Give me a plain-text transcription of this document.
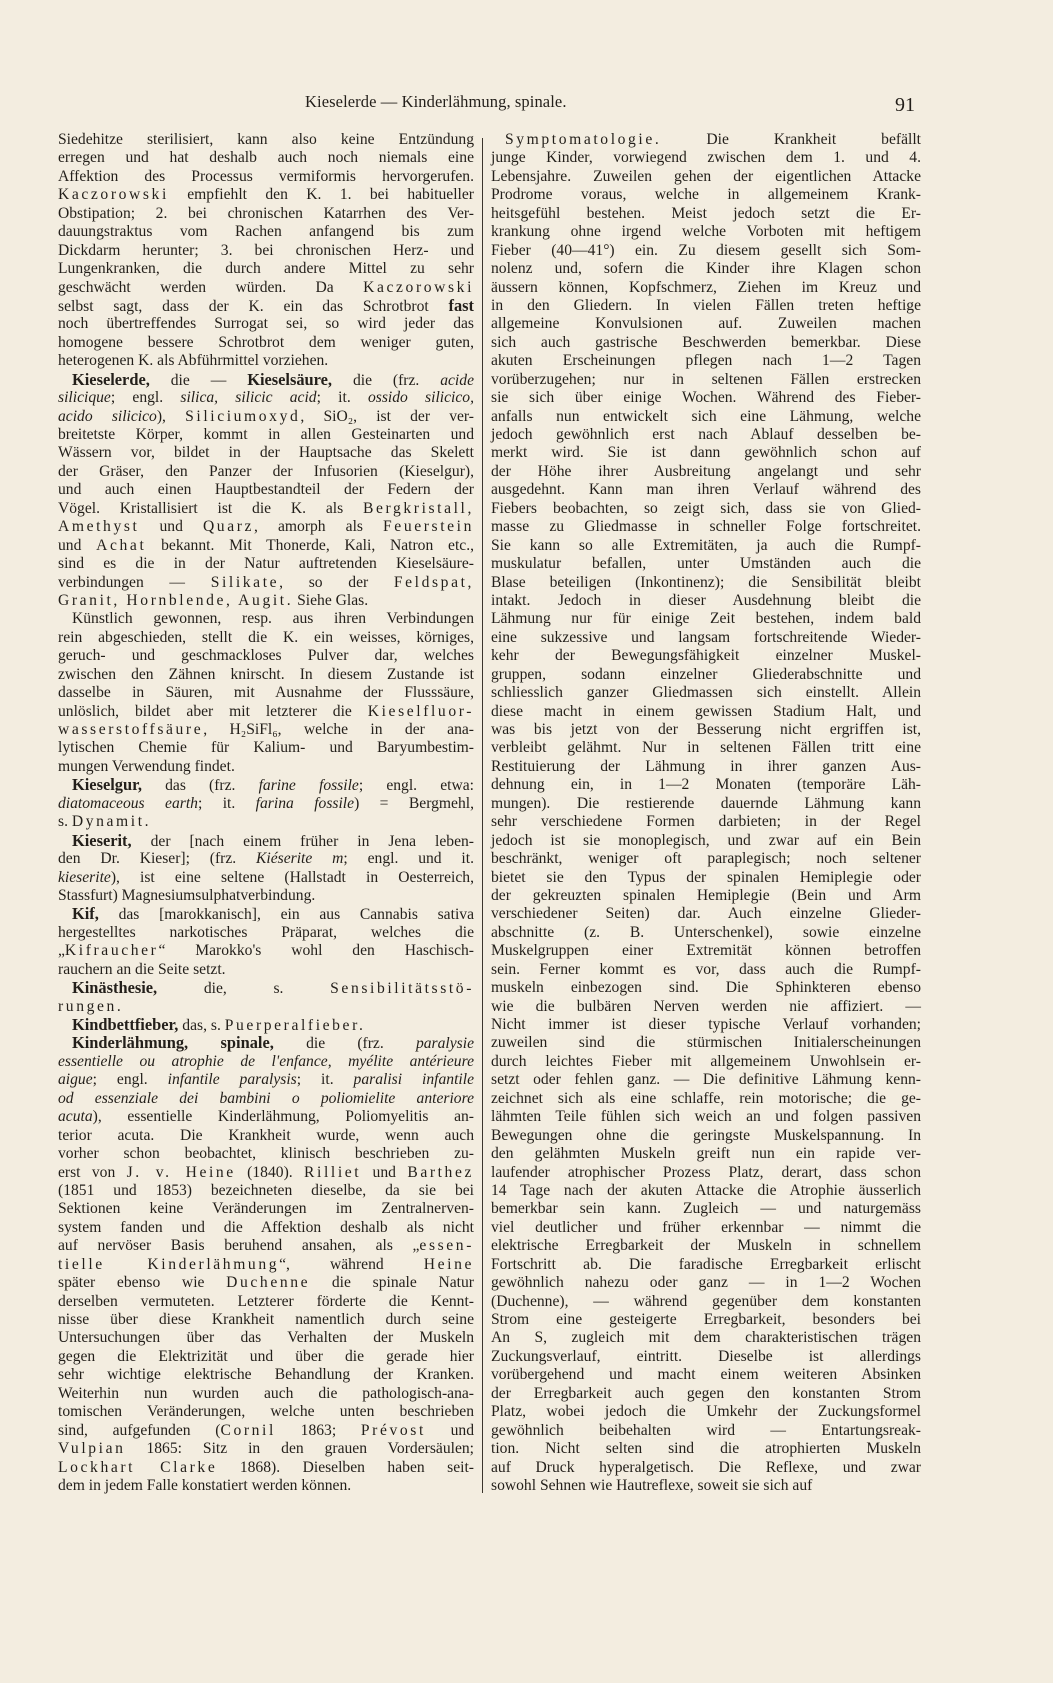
Kieselerde — Kinderlähmung, spinale.	91
Siedehitze sterilisiert, kann also keine Entzündung
erregen und hat deshalb auch noch niemals eine
Affektion des Processus vermiformis hervorgerufen.
Kaczorowski empfiehlt den K. 1. bei habitueller
Obstipation; 2. bei chronischen Katarrhen des Ver-
dauungstraktus vom Rachen anfangend bis zum
Dickdarm herunter; 3. bei chronischen Herz- und
Lungenkranken, die durch andere Mittel zu sehr
geschwächt werden würden. Da Kaczorowski
selbst sagt, dass der K. ein das Schrotbrot fast
noch übertreffendes Surrogat sei, so wird jeder das
homogene bessere Schrotbrot dem weniger guten,
heterogenen K. als Abführmittel vorziehen.
Kieselerde, die — Kieselsäure, die (frz. acide
silicique; engl. silica, silicic acid; it. ossido silicico,
acido silicico), Siliciumoxyd, SiO₂, ist der ver-
breitetste Körper, kommt in allen Gesteinarten und
Wässern vor, bildet in der Hauptsache das Skelett
der Gräser, den Panzer der Infusorien (Kieselgur),
und auch einen Hauptbestandteil der Federn der
Vögel. Kristallisiert ist die K. als Bergkristall,
Amethyst und Quarz, amorph als Feuerstein
und Achat bekannt. Mit Thonerde, Kali, Natron etc.,
sind es die in der Natur auftretenden Kieselsäure-
verbindungen — Silikate, so der Feldspat,
Granit, Hornblende, Augit. Siehe Glas.
Künstlich gewonnen, resp. aus ihren Verbindungen
rein abgeschieden, stellt die K. ein weisses, körniges,
geruch- und geschmackloses Pulver dar, welches
zwischen den Zähnen knirscht. In diesem Zustande ist
dasselbe in Säuren, mit Ausnahme der Flusssäure,
unlöslich, bildet aber mit letzterer die Kieselfluor-
wasserstoffsäure, H₂SiFl₆, welche in der ana-
lytischen Chemie für Kalium- und Baryumbestim-
mungen Verwendung findet.
Kieselgur, das (frz. farine fossile; engl. etwa:
diatomaceous earth; it. farina fossile) = Bergmehl,
s. Dynamit.
Kieserit, der [nach einem früher in Jena leben-
den Dr. Kieser]; (frz. Kiéserite m; engl. und it.
kieserite), ist eine seltene (Hallstadt in Oesterreich,
Stassfurt) Magnesiumsulphatverbindung.
Kif, das [marokkanisch], ein aus Cannabis sativa
hergestelltes narkotisches Präparat, welches die
„Kifraucher“ Marokko's wohl den Haschisch-
rauchern an die Seite setzt.
Kinästhesie, die, s. Sensibilitätsstö-
rungen.
Kindbettfieber, das, s. Puerperalfieber.
Kinderlähmung, spinale, die (frz. paralysie
essentielle ou atrophie de l'enfance, myélite antérieure
aigue; engl. infantile paralysis; it. paralisi infantile
od essenziale dei bambini o poliomielite anteriore
acuta), essentielle Kinderlähmung, Poliomyelitis an-
terior acuta. Die Krankheit wurde, wenn auch
vorher schon beobachtet, klinisch beschrieben zu-
erst von J. v. Heine (1840). Rilliet und Barthez
(1851 und 1853) bezeichneten dieselbe, da sie bei
Sektionen keine Veränderungen im Zentralnerven-
system fanden und die Affektion deshalb als nicht
auf nervöser Basis beruhend ansahen, als „essen-
tielle Kinderlähmung“, während Heine
später ebenso wie Duchenne die spinale Natur
derselben vermuteten. Letzterer förderte die Kennt-
nisse über diese Krankheit namentlich durch seine
Untersuchungen über das Verhalten der Muskeln
gegen die Elektrizität und über die gerade hier
sehr wichtige elektrische Behandlung der Kranken.
Weiterhin nun wurden auch die pathologisch-ana-
tomischen Veränderungen, welche unten beschrieben
sind, aufgefunden (Cornil 1863; Prévost und
Vulpian 1865: Sitz in den grauen Vordersäulen;
Lockhart Clarke 1868). Dieselben haben seit-
dem in jedem Falle konstatiert werden können.
Symptomatologie. Die Krankheit befällt
junge Kinder, vorwiegend zwischen dem 1. und 4.
Lebensjahre. Zuweilen gehen der eigentlichen Attacke
Prodrome voraus, welche in allgemeinem Krank-
heitsgefühl bestehen. Meist jedoch setzt die Er-
krankung ohne irgend welche Vorboten mit heftigem
Fieber (40—41°) ein. Zu diesem gesellt sich Som-
nolenz und, sofern die Kinder ihre Klagen schon
äussern können, Kopfschmerz, Ziehen im Kreuz und
in den Gliedern. In vielen Fällen treten heftige
allgemeine Konvulsionen auf. Zuweilen machen
sich auch gastrische Beschwerden bemerkbar. Diese
akuten Erscheinungen pflegen nach 1—2 Tagen
vorüberzugehen; nur in seltenen Fällen erstrecken
sie sich über einige Wochen. Während des Fieber-
anfalls nun entwickelt sich eine Lähmung, welche
jedoch gewöhnlich erst nach Ablauf desselben be-
merkt wird. Sie ist dann gewöhnlich schon auf
der Höhe ihrer Ausbreitung angelangt und sehr
ausgedehnt. Kann man ihren Verlauf während des
Fiebers beobachten, so zeigt sich, dass sie von Glied-
masse zu Gliedmasse in schneller Folge fortschreitet.
Sie kann so alle Extremitäten, ja auch die Rumpf-
muskulatur befallen, unter Umständen auch die
Blase beteiligen (Inkontinenz); die Sensibilität bleibt
intakt. Jedoch in dieser Ausdehnung bleibt die
Lähmung nur für einige Zeit bestehen, indem bald
eine sukzessive und langsam fortschreitende Wieder-
kehr der Bewegungsfähigkeit einzelner Muskel-
gruppen, sodann einzelner Gliederabschnitte und
schliesslich ganzer Gliedmassen sich einstellt. Allein
diese macht in einem gewissen Stadium Halt, und
was bis jetzt von der Besserung nicht ergriffen ist,
verbleibt gelähmt. Nur in seltenen Fällen tritt eine
Restituierung der Lähmung in ihrer ganzen Aus-
dehnung ein, in 1—2 Monaten (temporäre Läh-
mungen). Die restierende dauernde Lähmung kann
sehr verschiedene Formen darbieten; in der Regel
jedoch ist sie monoplegisch, und zwar auf ein Bein
beschränkt, weniger oft paraplegisch; noch seltener
bietet sie den Typus der spinalen Hemiplegie oder
der gekreuzten spinalen Hemiplegie (Bein und Arm
verschiedener Seiten) dar. Auch einzelne Glieder-
abschnitte (z. B. Unterschenkel), sowie einzelne
Muskelgruppen einer Extremität können betroffen
sein. Ferner kommt es vor, dass auch die Rumpf-
muskeln einbezogen sind. Die Sphinkteren ebenso
wie die bulbären Nerven werden nie affiziert. —
Nicht immer ist dieser typische Verlauf vorhanden;
zuweilen sind die stürmischen Initialerscheinungen
durch leichtes Fieber mit allgemeinem Unwohlsein er-
setzt oder fehlen ganz. — Die definitive Lähmung kenn-
zeichnet sich als eine schlaffe, rein motorische; die ge-
lähmten Teile fühlen sich weich an und folgen passiven
Bewegungen ohne die geringste Muskelspannung. In
den gelähmten Muskeln greift nun ein rapide ver-
laufender atrophischer Prozess Platz, derart, dass schon
14 Tage nach der akuten Attacke die Atrophie äusserlich
bemerkbar sein kann. Zugleich — und naturgemäss
viel deutlicher und früher erkennbar — nimmt die
elektrische Erregbarkeit der Muskeln in schnellem
Fortschritt ab. Die faradische Erregbarkeit erlischt
gewöhnlich nahezu oder ganz — in 1—2 Wochen
(Duchenne), — während gegenüber dem konstanten
Strom eine gesteigerte Erregbarkeit, besonders bei
An S, zugleich mit dem charakteristischen trägen
Zuckungsverlauf, eintritt. Dieselbe ist allerdings
vorübergehend und macht einem weiteren Absinken
der Erregbarkeit auch gegen den konstanten Strom
Platz, wobei jedoch die Umkehr der Zuckungsformel
gewöhnlich beibehalten wird — Entartungsreak-
tion. Nicht selten sind die atrophierten Muskeln
auf Druck hyperalgetisch. Die Reflexe, und zwar
sowohl Sehnen wie Hautreflexe, soweit sie sich auf
